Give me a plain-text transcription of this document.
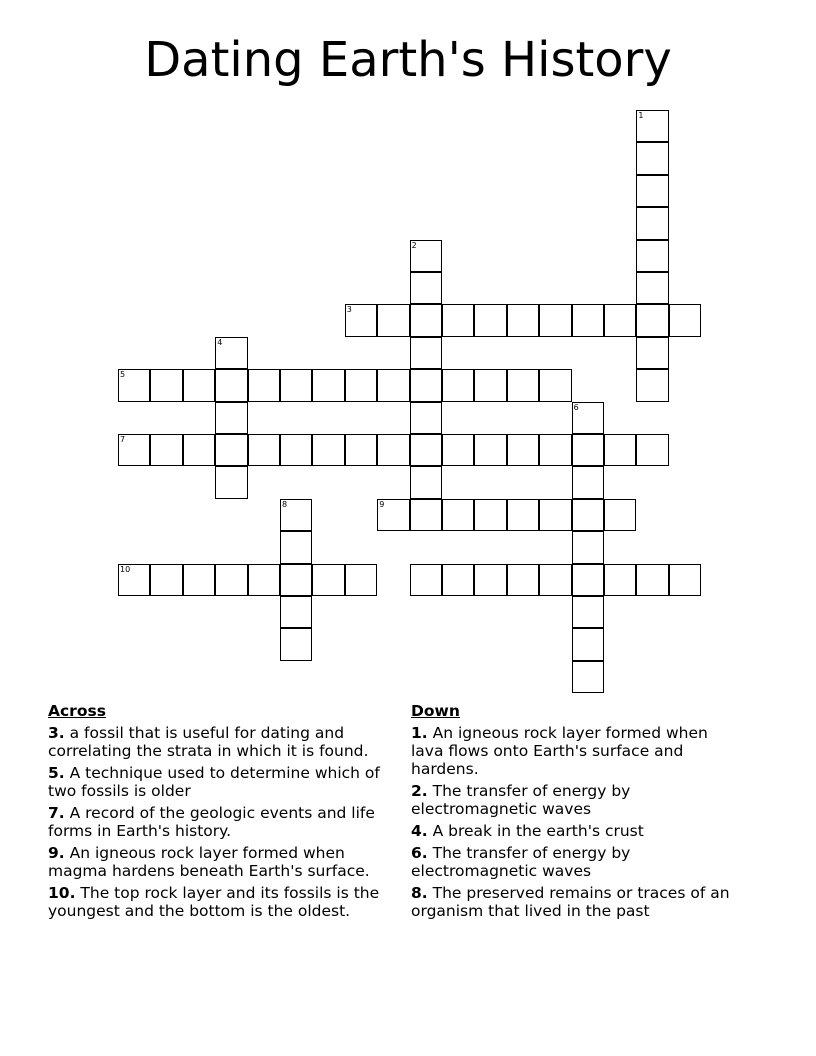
Dating Earth's History
1
2
3
4
5
6
7
9
8
10
Across
3. a fossil that is useful for dating and correlating the strata in which it is found.
5. A technique used to determine which of two fossils is older
7. A record of the geologic events and life forms in Earth's history.
9. An igneous rock layer formed when magma hardens beneath Earth's surface.
10. The top rock layer and its fossils is the youngest and the bottom is the oldest.
Down
1. An igneous rock layer formed when lava flows onto Earth's surface and hardens.
2. The transfer of energy by electromagnetic waves
4. A break in the earth's crust
6. The transfer of energy by electromagnetic waves
8. The preserved remains or traces of an organism that lived in the past
